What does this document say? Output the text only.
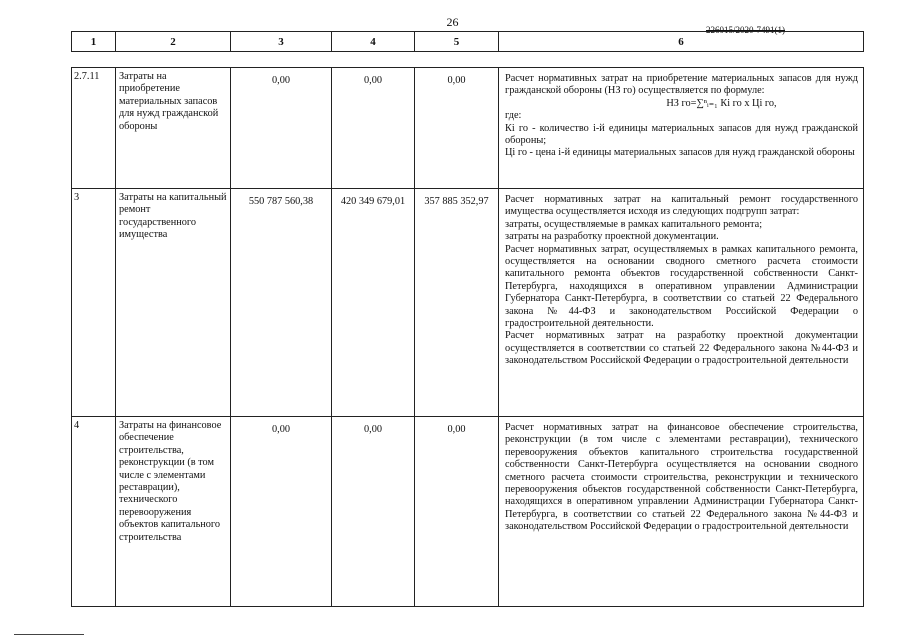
26
226015/2020-7491(1)
1	2	3	4	5	6
2.7.11	Затраты на приобретение материальных запасов для нужд гражданской обороны	0,00	0,00	0,00	Расчет нормативных затрат на приобретение материальных запасов для нужд гражданской обороны (НЗ го) осуществляется по формуле:

НЗ го=∑ⁿᵢ₌₁ Кi го x Цi го,

где:

Кi го - количество i-й единицы материальных запасов для нужд гражданской обороны;

Цi го - цена i-й единицы материальных запасов для нужд гражданской обороны

3	Затраты на капитальный ремонт государственного имущества	550 787 560,38	420 349 679,01	357 885 352,97	Расчет нормативных затрат на капитальный ремонт государственного имущества осуществляется исходя из следующих подгрупп затрат:

затраты, осуществляемые в рамках капитального ремонта;

затраты на разработку проектной документации.

Расчет нормативных затрат, осуществляемых в рамках капитального ремонта, осуществляется на основании сводного сметного расчета стоимости капитального ремонта объектов государственной собственности Санкт-Петербурга, находящихся в оперативном управлении Администрации Губернатора Санкт-Петербурга, в соответствии со статьей 22 Федерального закона №44-ФЗ и законодательством Российской Федерации о градостроительной деятельности.

Расчет нормативных затрат на разработку проектной документации осуществляется в соответствии со статьей 22 Федерального закона №44-ФЗ и законодательством Российской Федерации о градостроительной деятельности

4	Затраты на финансовое обеспечение строительства, реконструкции (в том числе с элементами реставрации), технического перевооружения объектов капитального строительства	0,00	0,00	0,00	Расчет нормативных затрат на финансовое обеспечение строительства, реконструкции (в том числе с элементами реставрации), технического перевооружения объектов капитального строительства государственной собственности Санкт-Петербурга осуществляется на основании сводного сметного расчета стоимости строительства, реконструкции и технического перевооружения объектов государственной собственности Санкт-Петербурга, находящихся в оперативном управлении Администрации Губернатора Санкт-Петербурга, в соответствии со статьей 22 Федерального закона №44-ФЗ и законодательством Российской Федерации о градостроительной деятельности
